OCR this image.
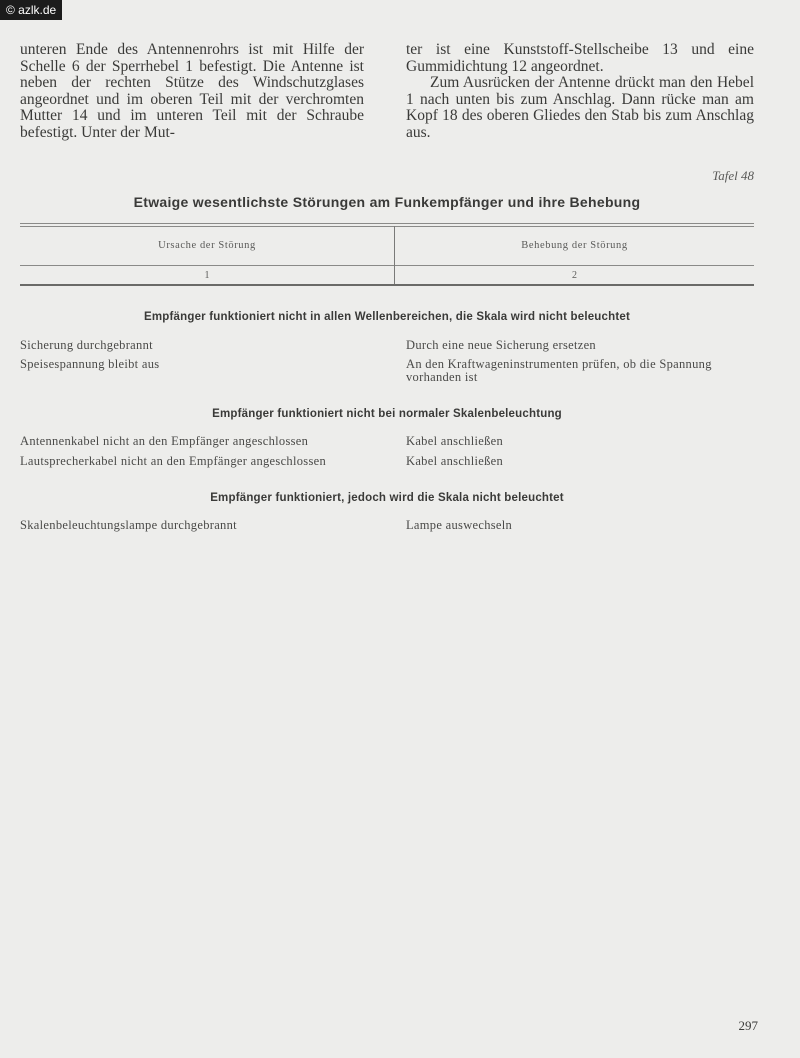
© azlk.de

unteren Ende des Antennenrohrs ist mit Hilfe der Schelle 6 der Sperrhebel 1 befestigt. Die Antenne ist neben der rechten Stütze des Windschutzglases angeordnet und im oberen Teil mit der verchromten Mutter 14 und im unteren Teil mit der Schraube befestigt. Unter der Mut-

ter ist eine Kunststoff-Stellscheibe 13 und eine Gummidichtung 12 angeordnet.

Zum Ausrücken der Antenne drückt man den Hebel 1 nach unten bis zum Anschlag. Dann rücke man am Kopf 18 des oberen Gliedes den Stab bis zum Anschlag aus.

Tafel 48
Etwaige wesentlichste Störungen am Funkempfänger und ihre Behebung
Ursache der Störung	Behebung der Störung
1	2
Empfänger funktioniert nicht in allen Wellenbereichen, die Skala wird nicht beleuchtet
Sicherung durchgebrannt	Durch eine neue Sicherung ersetzen
Speisespannung bleibt aus	An den Kraftwageninstrumenten prüfen, ob die Spannung vorhanden ist
Empfänger funktioniert nicht bei normaler Skalenbeleuchtung
Antennenkabel nicht an den Empfänger angeschlossen	Kabel anschließen
Lautsprecherkabel nicht an den Empfänger angeschlossen	Kabel anschließen
Empfänger funktioniert, jedoch wird die Skala nicht beleuchtet
Skalenbeleuchtungslampe durchgebrannt	Lampe auswechseln
297
